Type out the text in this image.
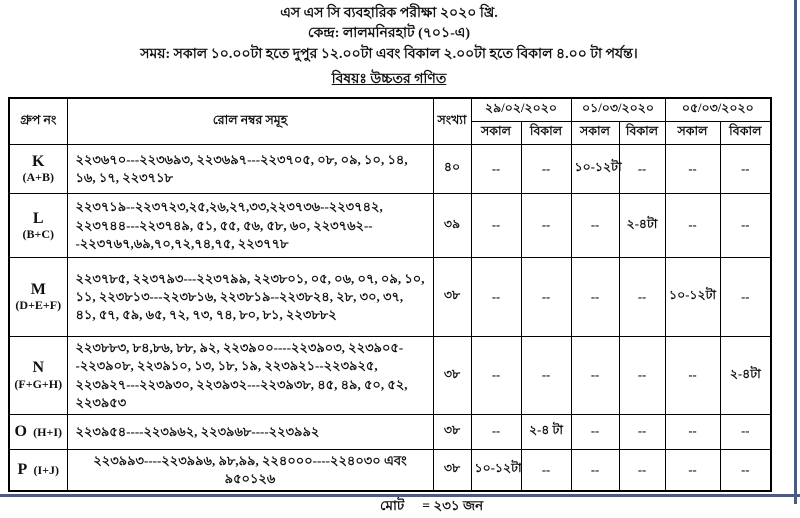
এস এস সি ব্যবহারিক পরীক্ষা ২০২০ খ্রি.
কেন্দ্র: লালমনিরহাট (৭০১-এ)
সময়: সকাল ১০.০০টা হতে দুপুর ১২.০০টা এবং বিকাল ২.০০টা হতে বিকাল ৪.০০ টা পর্যন্ত।
বিষয়ঃ উচ্চতর গণিত
গ্রুপ নং	রোল নম্বর সমূহ	সংখ্যা	২৯/০২/২০২০		০১/০৩/২০২০		০৫/০৩/২০২০	
			সকাল	বিকাল	সকাল	বিকাল	সকাল	বিকাল

K
(A+B)	২২৩৬৭০---২২৩৬৯৩, ২২৩৬৯৭---২২৩৭০৫, ০৮, ০৯, ১০, ১৪, ১৬, ১৭, ২২৩৭১৮	৪০	--	--	১০-১২টা	--	--	--

L
(B+C)	২২৩৭১৯--২২৩৭২৩,২৫,২৬,২৭,৩৩,২২৩৭৩৬--২২৩৭৪২, ২২৩৭৪৪---২২৩৭৪৯, ৫১, ৫৫, ৫৬, ৫৮, ৬০, ২২৩৭৬২---২২৩৭৬৭,৬৯,৭০,৭২,৭৪,৭৫, ২২৩৭৭৮	৩৯	--	--	--	২-৪টা	--	--

M
(D+E+F)	২২৩৭৮৫, ২২৩৭৯৩---২২৩৭৯৯, ২২৩৮০১, ০৫, ০৬, ০৭, ০৯, ১০, ১১, ২২৩৮১৩---২২৩৮১৬, ২২৩৮১৯--২২৩৮২৪, ২৮, ৩০, ৩৭, ৪১, ৫৭, ৫৯, ৬৫, ৭২, ৭৩, ৭৪, ৮০, ৮১, ২২৩৮৮২	৩৮	--	--	--	--	১০-১২টা	--

N
(F+G+H)	২২৩৮৮৩, ৮৪,৮৬, ৮৮, ৯২, ২২৩৯০০----২২৩৯০৩, ২২৩৯০৫--২২৩৯০৮, ২২৩৯১০, ১৩, ১৮, ১৯, ২২৩৯২১--২২৩৯২৫, ২২৩৯২৭---২২৩৯৩০, ২২৩৯৩২---২২৩৯৩৮, ৪৫, ৪৯, ৫০, ৫২, ২২৩৯৫৩	৩৮	--	--	--	--	--	২-৪টা
O (H+I)	২২৩৯৫৪----২২৩৯৬২, ২২৩৯৬৮----২২৩৯৯২	৩৮	--	২-৪ টা	--	--	--	--
P (I+J)	২২৩৯৯৩----২২৩৯৯৬, ৯৮,৯৯, ২২৪০০০----২২৪০৩০ এবং ৯৫০১২৬	৩৮	১০-১২টা	--	--	--	--	--
মোট = ২৩১ জন
